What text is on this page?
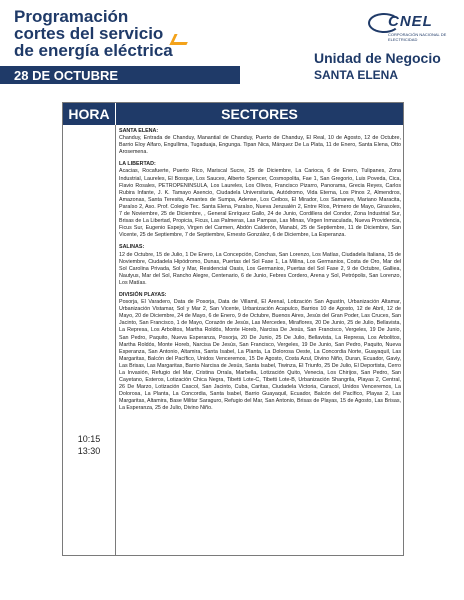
Programación
cortes del servicio
de energía eléctrica
28 DE OCTUBRE
CNEL
CORPORACIÓN NACIONAL DE ELECTRICIDAD
Unidad de Negocio
SANTA ELENA
HORA	SECTORES
10:15
13:30

SANTA ELENA:
Chanduy, Entrada de Chanduy, Manantial de Chanduy, Puerto de Chanduy, El Real, 10 de Agosto, 12 de Octubre, Barrio Eloy Alfaro, Engullima, Tugaduaja, Engunga. Tipan Nica, Márquez De La Plata, 11 de Enero, Santa Elena, Otto Arosemena.

LA LIBERTAD:
Acacias, Rocafuerte, Puerto Rico, Mariscal Sucre, 25 de Diciembre, La Carioca, 6 de Enero, Tulipanes, Zona Industrial, Laureles, El Bosque, Los Sauces, Alberto Spencer, Cosmopolita, Fae 1, San Gregorio, Luis Poveda, Cica, Flavio Rosales, PETROPENINSULA, Los Laureles, Los Olivos, Francisco Pizarro, Panorama, Grecia Reyes, Carlos Rubira Infante, J. K. Tamayo Asencio, Ciudadela Universitaria, Autódromo, Vida Eterna, Los Pinos 2, Almendros, Amazonas, Santa Teresita, Amantes de Sumpa, Adense, Los Ceibos, El Mirador, Los Samanes, Mariano Maracita, Paraíso 2, Aso. Prof. Colegio Tec. Santa Elena, Paraíso, Nueva Jerusalén 2, Entre Ríos, Primero de Mayo, Girasoles, 7 de Noviembre, 25 de Diciembre, , General Enríquez Gallo, 24 de Junio, Cordillera del Condor, Zona Industrial Sur, Brisas de La Libertad, Propicia, Ficus, Las Palmeras, Las Pampas, Las Minas, Virgen Inmaculada, Nueva Providencia, Ficus Sur, Eugenio Espejo, Virgen del Carmen, Abdón Calderón, Manabí, 25 de Septiembre, 11 de Diciembre, San Vicente, 25 de Septiembre, 7 de Septiembre, Ernesto González, 6 de Diciembre, La Esperanza.

SALINAS:
12 de Octubre, 15 de Julio, 1 De Enero, La Concepción, Conchas, San Lorenzo, Los Matías, Ciudadela Italiana, 15 de Noviembre, Ciudadela Hipódromo, Dunas, Puertas del Sol Fase 1, La Milina, Los Germanios, Costa de Oro, Mar del Sol Carolina Privada, Sol y Mar, Residencial Oasis, Los Germanios, Puertas del Sol Fase 2, 9 de Octubre, Galliea, Nautyus, Mar del Sol, Rancho Alegre, Centenario, 6 de Junio, Febres Cordero, Arena y Sol, Petrópolis, San Lorenzo, Los Matías.

DIVISIÓN PLAYAS:
Posorja, El Varadero, Data de Posorja, Data de Villamil, El Arenal, Lotización San Agustín, Urbanización Altamar, Urbanización Vistamar, Sol y Mar 2, San Vicente, Urbanización Acapulco, Barrios 10 de Agosto, 12 de Abril, 12 de Mayo, 20 de Diciembre, 24 de Mayo, 6 de Enero, 9 de Octubre, Buenos Aires, Jesús del Gran Poder, Las Cruces, San Jacinto, San Francisco, 1 de Mayo, Corazón de Jesús, Las Mercedes, Miraflores, 20 De Junio, 25 de Julio, Bellavista, La Represa, Los Arbolitos, Martha Roldós, Monte Horeb, Narcisa De Jesús, San Francisco, Vergeles, 19 De Junio, San Pedro, Paquito, Nueva Esperanza, Posorja, 20 De Junio, 25 De Julio, Bellavista, La Represa, Los Arbolitos, Martha Roldós, Monte Horeb, Narcisa De Jesús, San Francisco, Vergeles, 19 De Junio, San Pedro, Paquito, Nueva Esperanza, San Antonio, Altamira, Santa Isabel, La Planta, La Dolorosa Oeste, La Concordia Norte, Guayaquil, Las Margaritas, Balcón del Pacífico, Unidos Venceremos, 15 De Agosto, Costa Azul, Divino Niño, Duran, Ecuador, Gaviy, Las Brisas, Las Margaritas, Barrio Narcisa de Jesús, Santa Isabel, Tiwinza, El Triunfo, 25 De Julio, El Deportista, Cerro La Invasión, Refugio del Mar, Cristina Orrala, Marbella, Lotización Quito, Venecia, Los Chirijos, San Pedro, San Cayetano, Esteros, Lotización Chica Negra, Tibetti Lote-C, Tibetti Lote-B, Urbanización Shangrila, Playas 2, Central, 26 De Marzo, Lotización Cascol, San Jacinto, Cuba, Caritas, Ciudadela Victoria, Caracol, Unidos Venceremos, La Dolorosa, La Planta, La Concordia, Santa Isabel, Barrio Guayaquil, Ecuador, Balcón del Pacífico, Playas 2, Las Margaritas, Altamira, Base Militar Saraguro, Refugio del Mar, San Antonio, Brisas de Playas, 15 de Agosto, Las Brisas, La Esperanza, 25 de Julio, Divino Niño.
